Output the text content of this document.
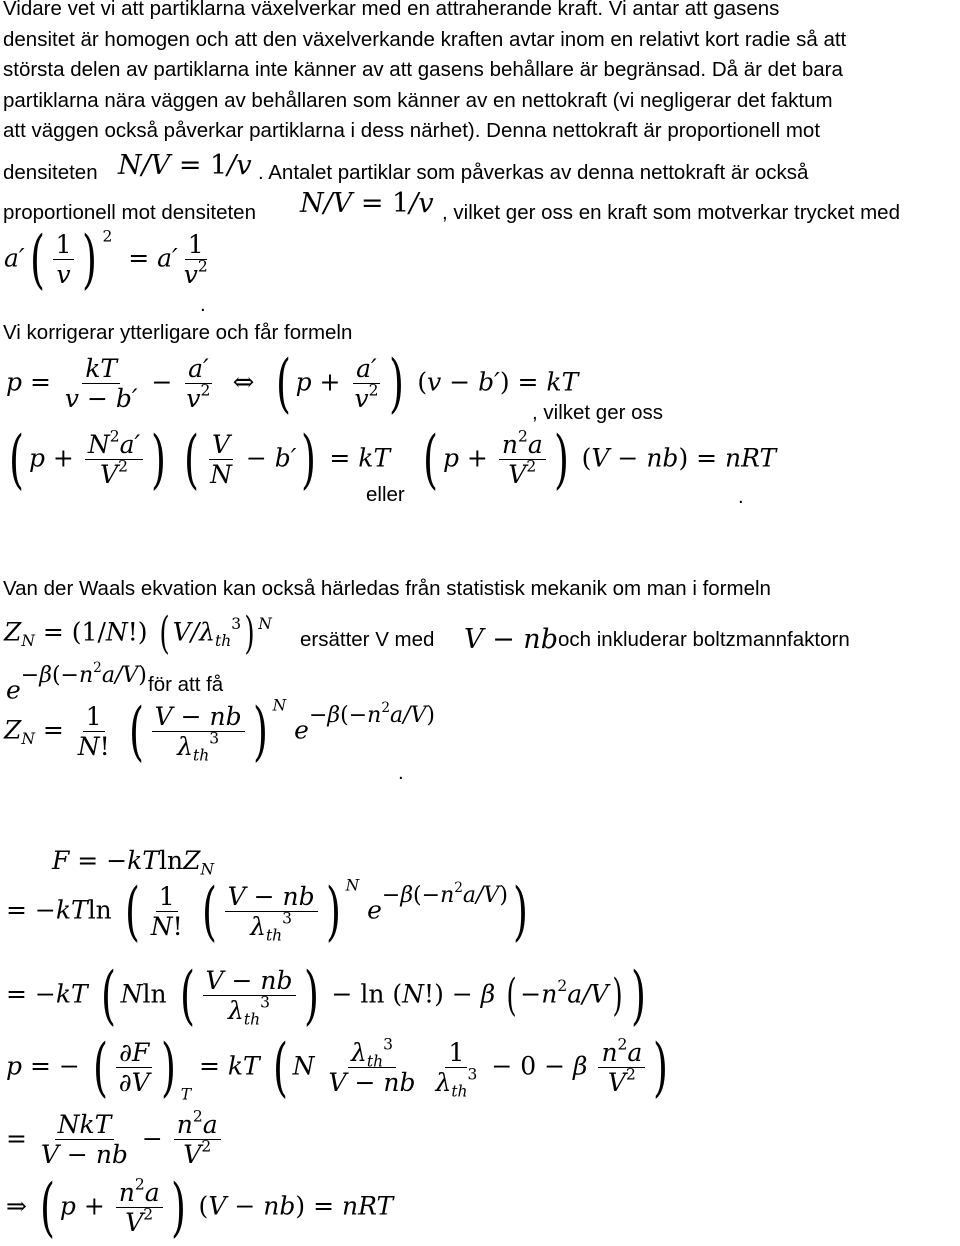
Vidare vet vi att partiklarna växelverkar med en attraherande kraft. Vi antar att gasens

densitet är homogen och att den växelverkande kraften avtar inom en relativt kort radie så att

största delen av partiklarna inte känner av att gasens behållare är begränsad. Då är det bara

partiklarna nära väggen av behållaren som känner av en nettokraft (vi negligerar det faktum

att väggen också påverkar partiklarna i dess närhet). Denna nettokraft är proportionell mot

densiteten N/V = 1/v . Antalet partiklar som påverkas av denna nettokraft är också
proportionell mot densiteten N/V = 1/v , vilket ger oss en kraft som motverkar trycket med
$a'( \frac{1}{v}$ ) $^2 = a' \frac{1}{v^2}$
.
Vi korrigerar ytterligare och får formeln
$p = \frac{kT}{v - b'} - \frac{a'}{v^2}$ ⇔  ( $p + \frac{a'}{v^2}$ ) (v − b′) = kT
, vilket ger oss
( $p + \frac{N^2a'}{V^2}$ ) ( $\frac{V}{N} - b'$) = kT
eller ( $p + \frac{n^2a}{V^2}$ ) (V − nb) = nRT
.
Van der Waals ekvation kan också härledas från statistisk mekanik om man i formeln
$Z_N = (1/N!)$ ( $V/\lambda_{th}^3$) $^N$
ersätter V med V − nb och inkluderar boltzmannfaktorn
$e^{-\beta(-n^2a/V)}$ för att få
$Z_N = \frac{1}{N!}$ ( $\frac{V - nb}{\lambda_{th}^3}$ ) $^N$ $e^{-\beta(-n^2a/V)}$
.
F = −kTlnZ$_N$
= −kTln ( $\frac{1}{N!}$ ( $\frac{V - nb}{\lambda_{th}^3}$ ) $^N$ $e^{-\beta(-n^2a/V)}$)
= −kT ( Nln ( $\frac{V - nb}{\lambda_{th}^3}$ ) − ln (N!) − β ( $-n^2a/V$) )
p = − ( $\frac{\partial F}{\partial V}$ ) $_T$ = kT ( N $\frac{\lambda_{th}^3}{V - nb}$
$\frac{1}{\lambda_{th}^3} - 0 - \beta \frac{n^2a}{V^2}$ )
= $\frac{\text{NkT}}{V - nb} - \frac{n^2a}{V^2}$
⇒ ( $p + \frac{n^2a}{V^2}$ ) (V − nb) = nRT
